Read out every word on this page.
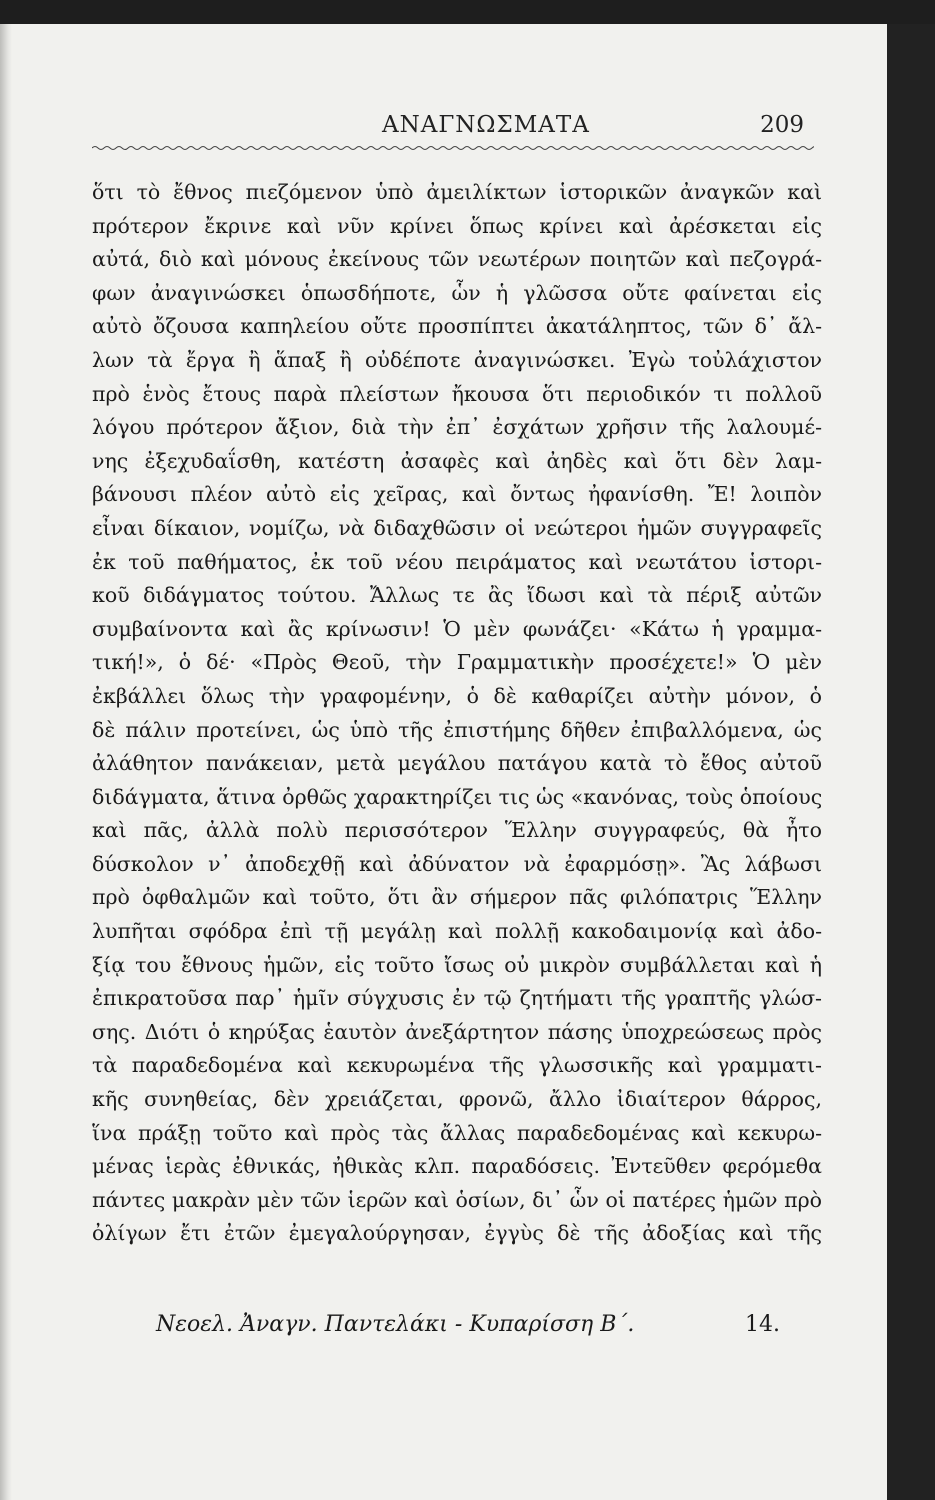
ΑΝΑΓΝΩΣΜΑΤΑ	209
ὅτι τὸ ἔθνος πιεζόμενον ὑπὸ ἀμειλίκτων ἱστορικῶν ἀναγκῶν καὶ
πρότερον ἔκρινε καὶ νῦν κρίνει ὅπως κρίνει καὶ ἀρέσκεται εἰς
αὐτά, διὸ καὶ μόνους ἐκείνους τῶν νεωτέρων ποιητῶν καὶ πεζογρά-
φων ἀναγινώσκει ὁπωσδήποτε, ὧν ἡ γλῶσσα οὔτε φαίνεται εἰς
αὐτὸ ὄζουσα καπηλείου οὔτε προσπίπτει ἀκατάληπτος, τῶν δ᾽ ἄλ-
λων τὰ ἔργα ἢ ἅπαξ ἢ οὐδέποτε ἀναγινώσκει. Ἐγὼ τοὐλάχιστον
πρὸ ἑνὸς ἔτους παρὰ πλείστων ἤκουσα ὅτι περιοδικόν τι πολλοῦ
λόγου πρότερον ἄξιον, διὰ τὴν ἐπ᾽ ἐσχάτων χρῆσιν τῆς λαλουμέ-
νης ἐξεχυδαΐσθη, κατέστη ἀσαφὲς καὶ ἀηδὲς καὶ ὅτι δὲν λαμ-
βάνουσι πλέον αὐτὸ εἰς χεῖρας, καὶ ὄντως ἠφανίσθη. Ἔ! λοιπὸν
εἶναι δίκαιον, νομίζω, νὰ διδαχθῶσιν οἱ νεώτεροι ἡμῶν συγγραφεῖς
ἐκ τοῦ παθήματος, ἐκ τοῦ νέου πειράματος καὶ νεωτάτου ἱστορι-
κοῦ διδάγματος τούτου. Ἄλλως τε ἂς ἴδωσι καὶ τὰ πέριξ αὐτῶν
συμβαίνοντα καὶ ἂς κρίνωσιν! Ὁ μὲν φωνάζει· «Κάτω ἡ γραμμα-
τική!», ὁ δέ· «Πρὸς Θεοῦ, τὴν Γραμματικὴν προσέχετε!» Ὁ μὲν
ἐκβάλλει ὅλως τὴν γραφομένην, ὁ δὲ καθαρίζει αὐτὴν μόνον, ὁ
δὲ πάλιν προτείνει, ὡς ὑπὸ τῆς ἐπιστήμης δῆθεν ἐπιβαλλόμενα, ὡς
ἀλάθητον πανάκειαν, μετὰ μεγάλου πατάγου κατὰ τὸ ἔθος αὐτοῦ
διδάγματα, ἅτινα ὀρθῶς χαρακτηρίζει τις ὡς «κανόνας, τοὺς ὁποίους
καὶ πᾶς, ἀλλὰ πολὺ περισσότερον Ἕλλην συγγραφεύς, θὰ ἦτο
δύσκολον ν᾽ ἀποδεχθῇ καὶ ἀδύνατον νὰ ἐφαρμόσῃ». Ἂς λάβωσι
πρὸ ὀφθαλμῶν καὶ τοῦτο, ὅτι ἂν σήμερον πᾶς φιλόπατρις Ἕλλην
λυπῆται σφόδρα ἐπὶ τῇ μεγάλῃ καὶ πολλῇ κακοδαιμονίᾳ καὶ ἀδο-
ξίᾳ του ἔθνους ἡμῶν, εἰς τοῦτο ἴσως οὐ μικρὸν συμβάλλεται καὶ ἡ
ἐπικρατοῦσα παρ᾽ ἡμῖν σύγχυσις ἐν τῷ ζητήματι τῆς γραπτῆς γλώσ-
σης. Διότι ὁ κηρύξας ἑαυτὸν ἀνεξάρτητον πάσης ὑποχρεώσεως πρὸς
τὰ παραδεδομένα καὶ κεκυρωμένα τῆς γλωσσικῆς καὶ γραμματι-
κῆς συνηθείας, δὲν χρειάζεται, φρονῶ, ἄλλο ἰδιαίτερον θάρρος,
ἵνα πράξῃ τοῦτο καὶ πρὸς τὰς ἄλλας παραδεδομένας καὶ κεκυρω-
μένας ἱερὰς ἐθνικάς, ἠθικὰς κλπ. παραδόσεις. Ἐντεῦθεν φερόμεθα
πάντες μακρὰν μὲν τῶν ἱερῶν καὶ ὁσίων, δι᾽ ὧν οἱ πατέρες ἡμῶν πρὸ
ὀλίγων ἔτι ἐτῶν ἐμεγαλούργησαν, ἐγγὺς δὲ τῆς ἀδοξίας καὶ τῆς
Νεοελ. Ἀναγν. Παντελάκι - Κυπαρίσση Β΄.	14.
